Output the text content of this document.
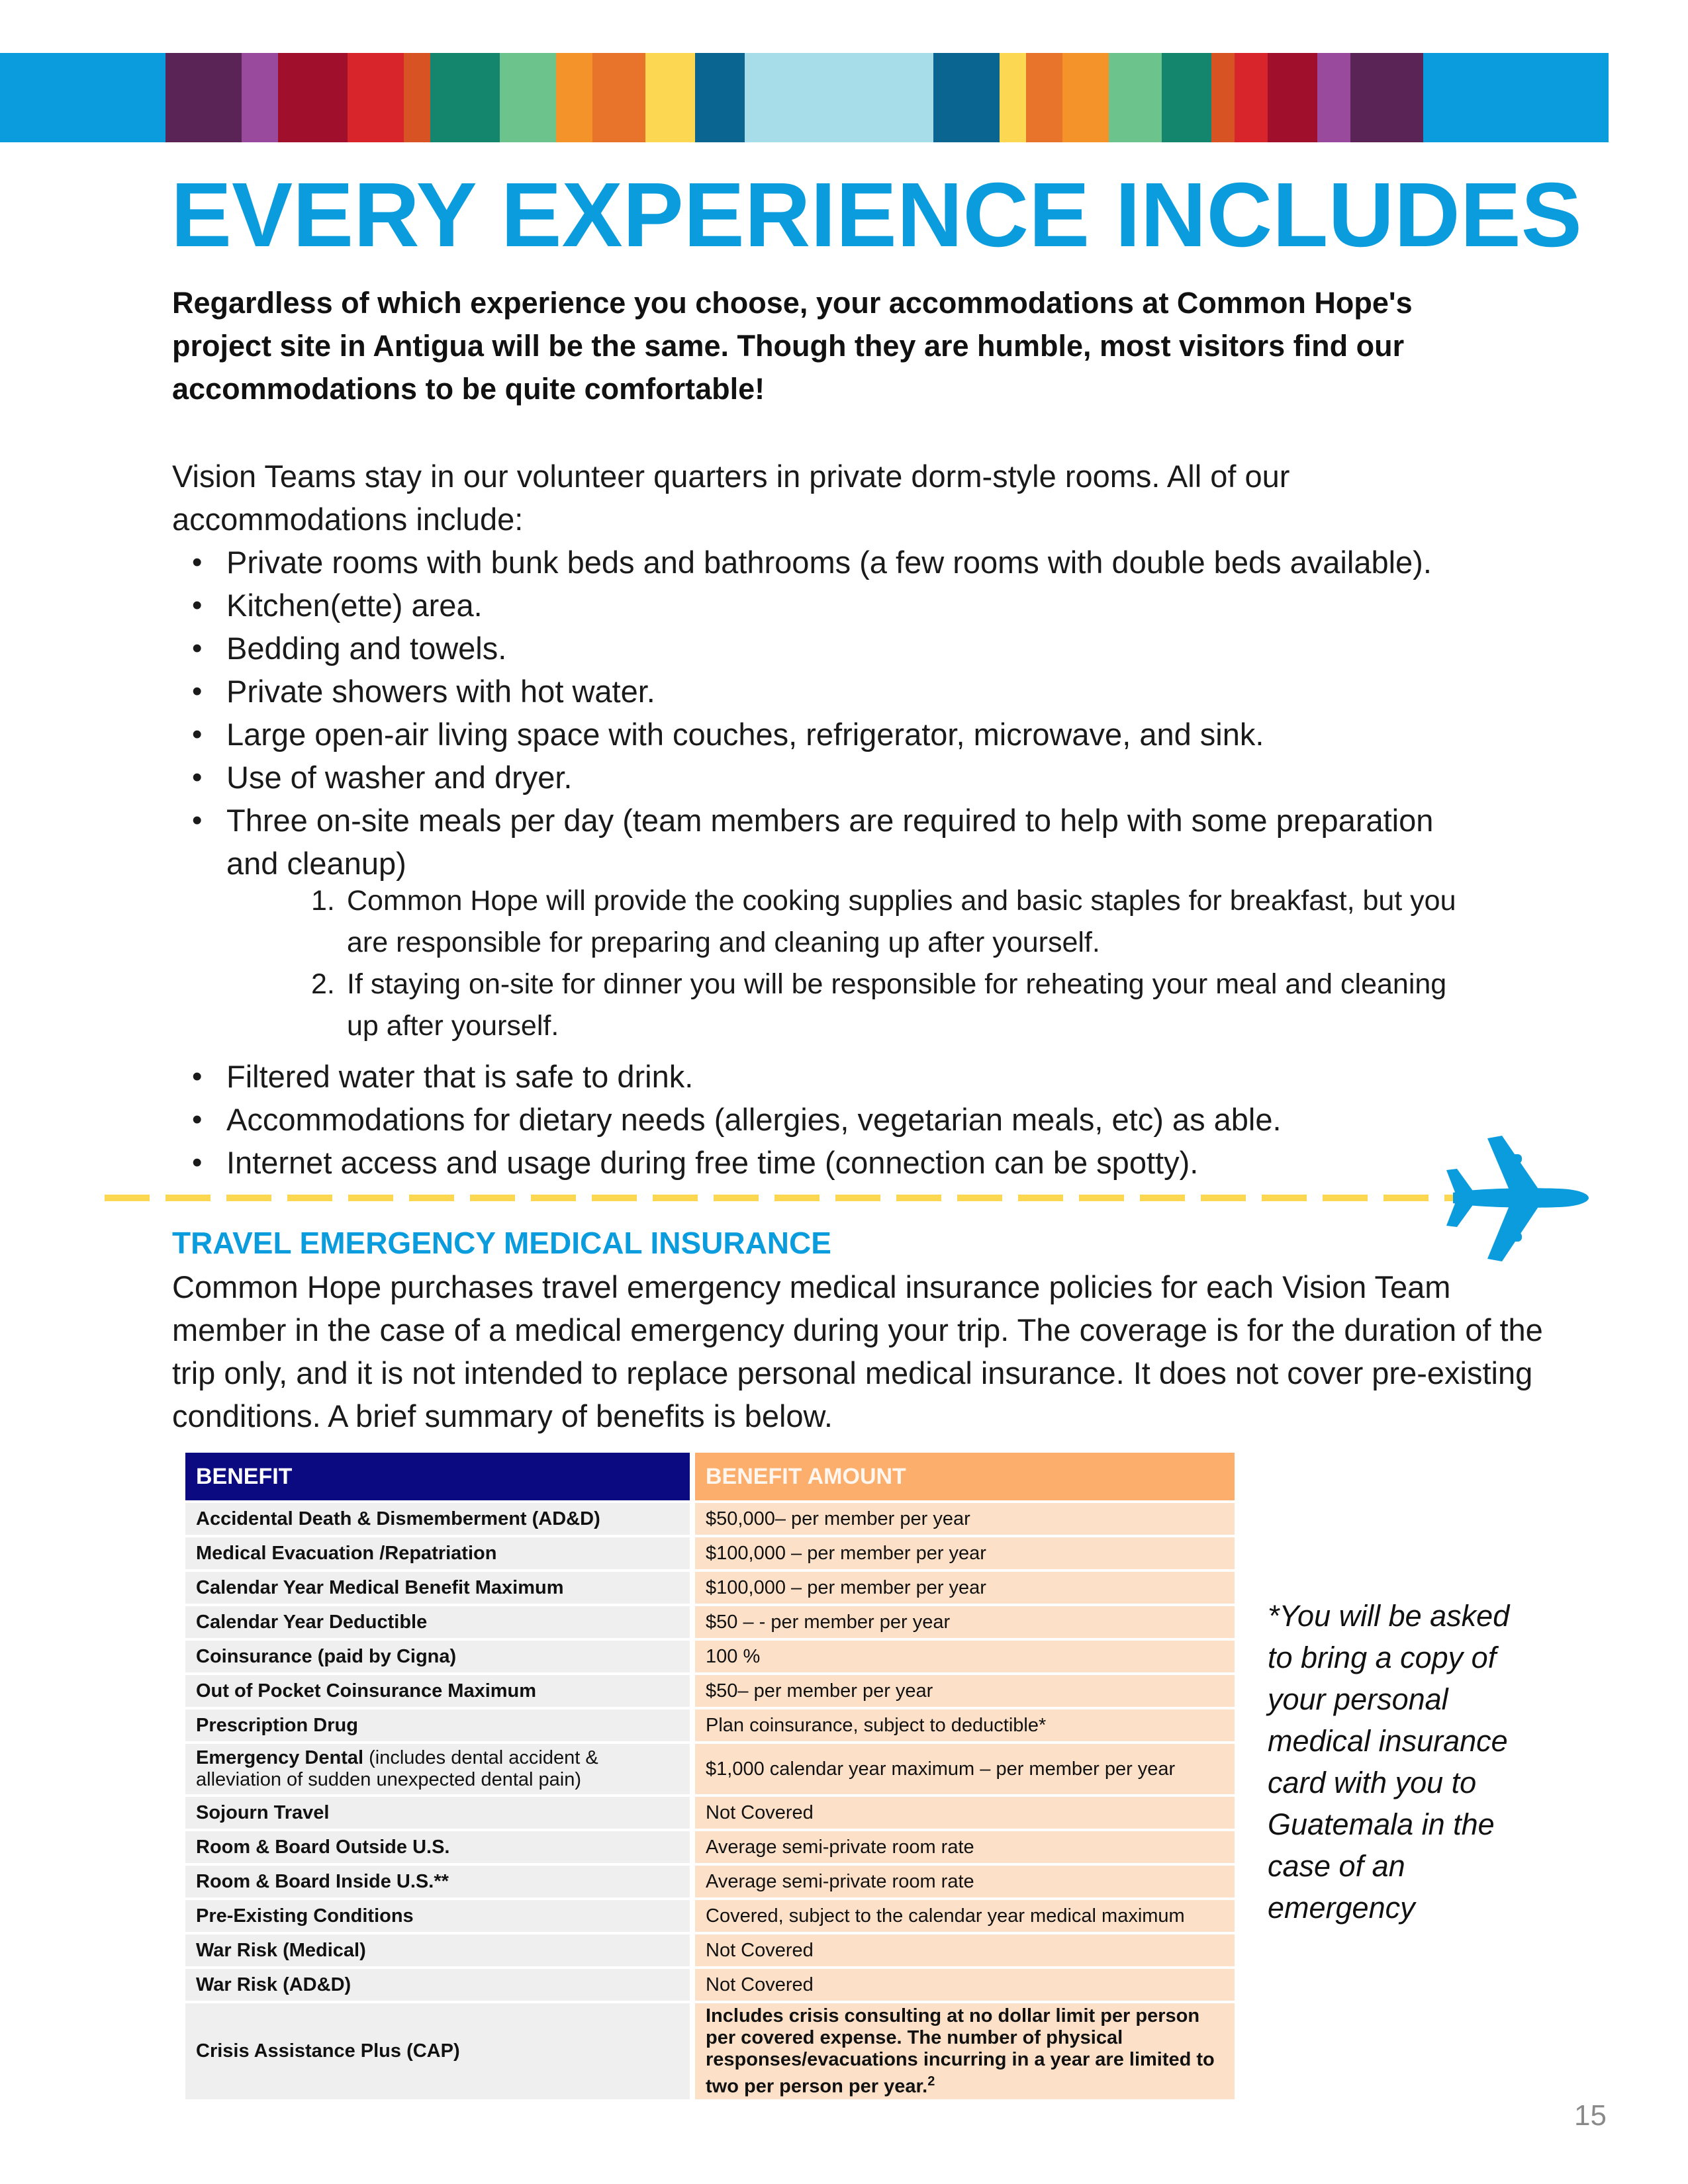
EVERY EXPERIENCE INCLUDES

Regardless of which experience you choose, your accommodations at Common Hope's
project site in Antigua will be the same. Though they are humble, most visitors find our
accommodations to be quite comfortable!

Vision Teams stay in our volunteer quarters in private dorm-style rooms. All of our accommodations include:

• Private rooms with bunk beds and bathrooms (a few rooms with double beds available).
• Kitchen(ette) area.
• Bedding and towels.
• Private showers with hot water.
• Large open-air living space with couches, refrigerator, microwave, and sink.
• Use of washer and dryer.
• Three on-site meals per day (team members are required to help with some preparation and cleanup)
1. Common Hope will provide the cooking supplies and basic staples for breakfast, but you are responsible for preparing and cleaning up after yourself.
2. If staying on-site for dinner you will be responsible for reheating your meal and cleaning up after yourself.
• Filtered water that is safe to drink.
• Accommodations for dietary needs (allergies, vegetarian meals, etc) as able.
• Internet access and usage during free time (connection can be spotty).
TRAVEL EMERGENCY MEDICAL INSURANCE

Common Hope purchases travel emergency medical insurance policies for each Vision Team member in the case of a medical emergency during your trip. The coverage is for the duration of the trip only, and it is not intended to replace personal medical insurance. It does not cover pre-existing conditions. A brief summary of benefits is below.

BENEFIT	BENEFIT AMOUNT
Accidental Death & Dismemberment (AD&D)	$50,000– per member per year
Medical Evacuation /Repatriation	$100,000 – per member per year
Calendar Year Medical Benefit Maximum	$100,000 – per member per year
Calendar Year Deductible	$50 – - per member per year
Coinsurance (paid by Cigna)	100 %
Out of Pocket Coinsurance Maximum	$50– per member per year
Prescription Drug	Plan coinsurance, subject to deductible*
Emergency Dental (includes dental accident & alleviation of sudden unexpected dental pain)	$1,000 calendar year maximum – per member per year
Sojourn Travel	Not Covered
Room & Board Outside U.S.	Average semi-private room rate
Room & Board Inside U.S.**	Average semi-private room rate
Pre-Existing Conditions	Covered, subject to the calendar year medical maximum
War Risk (Medical)	Not Covered
War Risk (AD&D)	Not Covered
Crisis Assistance Plus (CAP)	Includes crisis consulting at no dollar limit per person per covered expense. The number of physical responses/evacuations incurring in a year are limited to two per person per year.$^2$

*You will be asked to bring a copy of your personal medical insurance card with you to Guatemala in the case of an emergency

15
